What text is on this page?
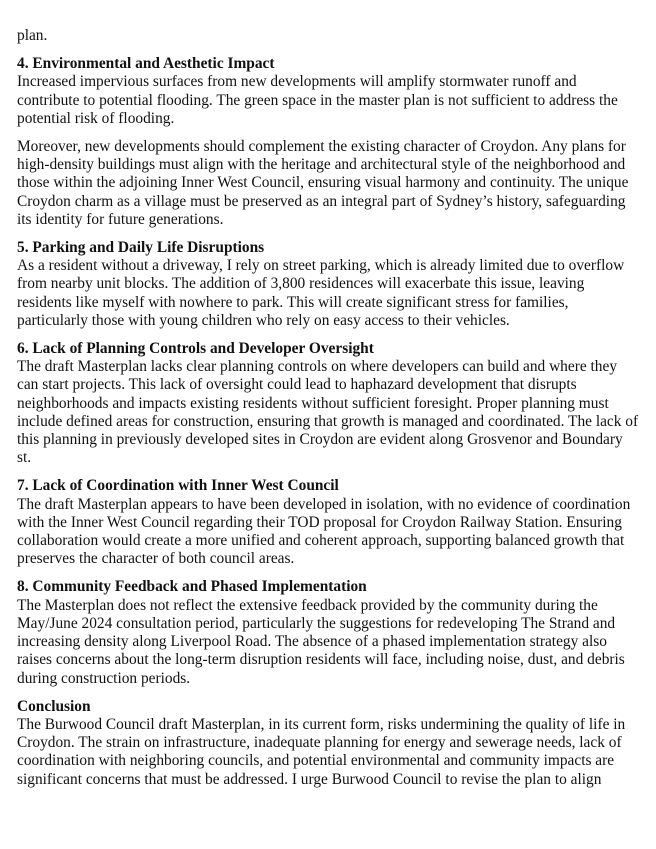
plan.

4. Environmental and Aesthetic Impact

Increased impervious surfaces from new developments will amplify stormwater runoff and contribute to potential flooding. The green space in the master plan is not sufficient to address the potential risk of flooding.

Moreover, new developments should complement the existing character of Croydon. Any plans for high-density buildings must align with the heritage and architectural style of the neighborhood and those within the adjoining Inner West Council, ensuring visual harmony and continuity. The unique Croydon charm as a village must be preserved as an integral part of Sydney’s history, safeguarding its identity for future generations.

5. Parking and Daily Life Disruptions

As a resident without a driveway, I rely on street parking, which is already limited due to overflow from nearby unit blocks. The addition of 3,800 residences will exacerbate this issue, leaving residents like myself with nowhere to park. This will create significant stress for families, particularly those with young children who rely on easy access to their vehicles.

6. Lack of Planning Controls and Developer Oversight

The draft Masterplan lacks clear planning controls on where developers can build and where they can start projects. This lack of oversight could lead to haphazard development that disrupts neighborhoods and impacts existing residents without sufficient foresight. Proper planning must include defined areas for construction, ensuring that growth is managed and coordinated. The lack of this planning in previously developed sites in Croydon are evident along Grosvenor and Boundary st.

7. Lack of Coordination with Inner West Council

The draft Masterplan appears to have been developed in isolation, with no evidence of coordination with the Inner West Council regarding their TOD proposal for Croydon Railway Station. Ensuring collaboration would create a more unified and coherent approach, supporting balanced growth that preserves the character of both council areas.

8. Community Feedback and Phased Implementation

The Masterplan does not reflect the extensive feedback provided by the community during the May/June 2024 consultation period, particularly the suggestions for redeveloping The Strand and increasing density along Liverpool Road. The absence of a phased implementation strategy also raises concerns about the long-term disruption residents will face, including noise, dust, and debris during construction periods.

Conclusion

The Burwood Council draft Masterplan, in its current form, risks undermining the quality of life in Croydon. The strain on infrastructure, inadequate planning for energy and sewerage needs, lack of coordination with neighboring councils, and potential environmental and community impacts are significant concerns that must be addressed. I urge Burwood Council to revise the plan to align
